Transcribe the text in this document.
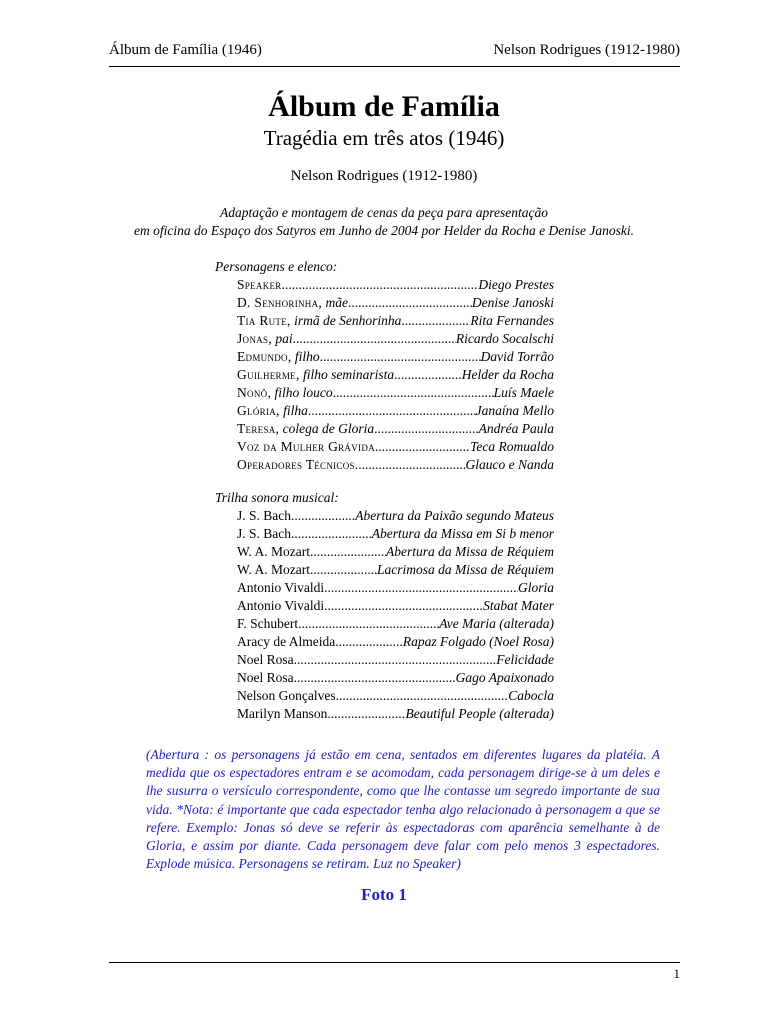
Álbum de Família (1946)	Nelson Rodrigues (1912-1980)
Álbum de Família
Tragédia em três atos (1946)
Nelson Rodrigues (1912-1980)
Adaptação e montagem de cenas da peça para apresentação
em oficina do Espaço dos Satyros em Junho de 2004 por Helder da Rocha e Denise Janoski.
Personagens e elenco:
Speaker .....	Diego Prestes
D. Senhorinha, mãe .....	Denise Janoski
Tia Rute, irmã de Senhorinha .....	Rita Fernandes
Jonas, pai .....	Ricardo Socalschi
Edmundo, filho .....	David Torrão
Guilherme, filho seminarista .....	Helder da Rocha
Nonô, filho louco .....	Luís Maele
Glória, filha .....	Janaína Mello
Teresa, colega de Gloria .....	Andréa Paula
Voz da Mulher Grávida .....	Teca Romualdo
Operadores Técnicos .....	Glauco e Nanda
Trilha sonora musical:
J. S. Bach .....	Abertura da Paixão segundo Mateus
J. S. Bach .....	Abertura da Missa em Si b menor
W. A. Mozart .....	Abertura da Missa de Réquiem
W. A. Mozart .....	Lacrimosa da Missa de Réquiem
Antonio Vivaldi .....	Gloria
Antonio Vivaldi .....	Stabat Mater
F. Schubert .....	Ave Maria (alterada)
Aracy de Almeida .....	Rapaz Folgado (Noel Rosa)
Noel Rosa .....	Felicidade
Noel Rosa .....	Gago Apaixonado
Nelson Gonçalves .....	Cabocla
Marilyn Manson .....	Beautiful People (alterada)

(Abertura : os personagens já estão em cena, sentados em diferentes lugares da platéia. A medida que os espectadores entram e se acomodam, cada personagem dirige-se à um deles e lhe susurra o versículo correspondente, como que lhe contasse um segredo importante de sua vida. *Nota: é importante que cada espectador tenha algo relacionado à personagem a que se refere. Exemplo: Jonas só deve se referir às espectadoras com aparência semelhante à de Gloria, e assim por diante. Cada personagem deve falar com pelo menos 3 espectadores. Explode música. Personagens se retiram. Luz no Speaker)

Foto 1
1
